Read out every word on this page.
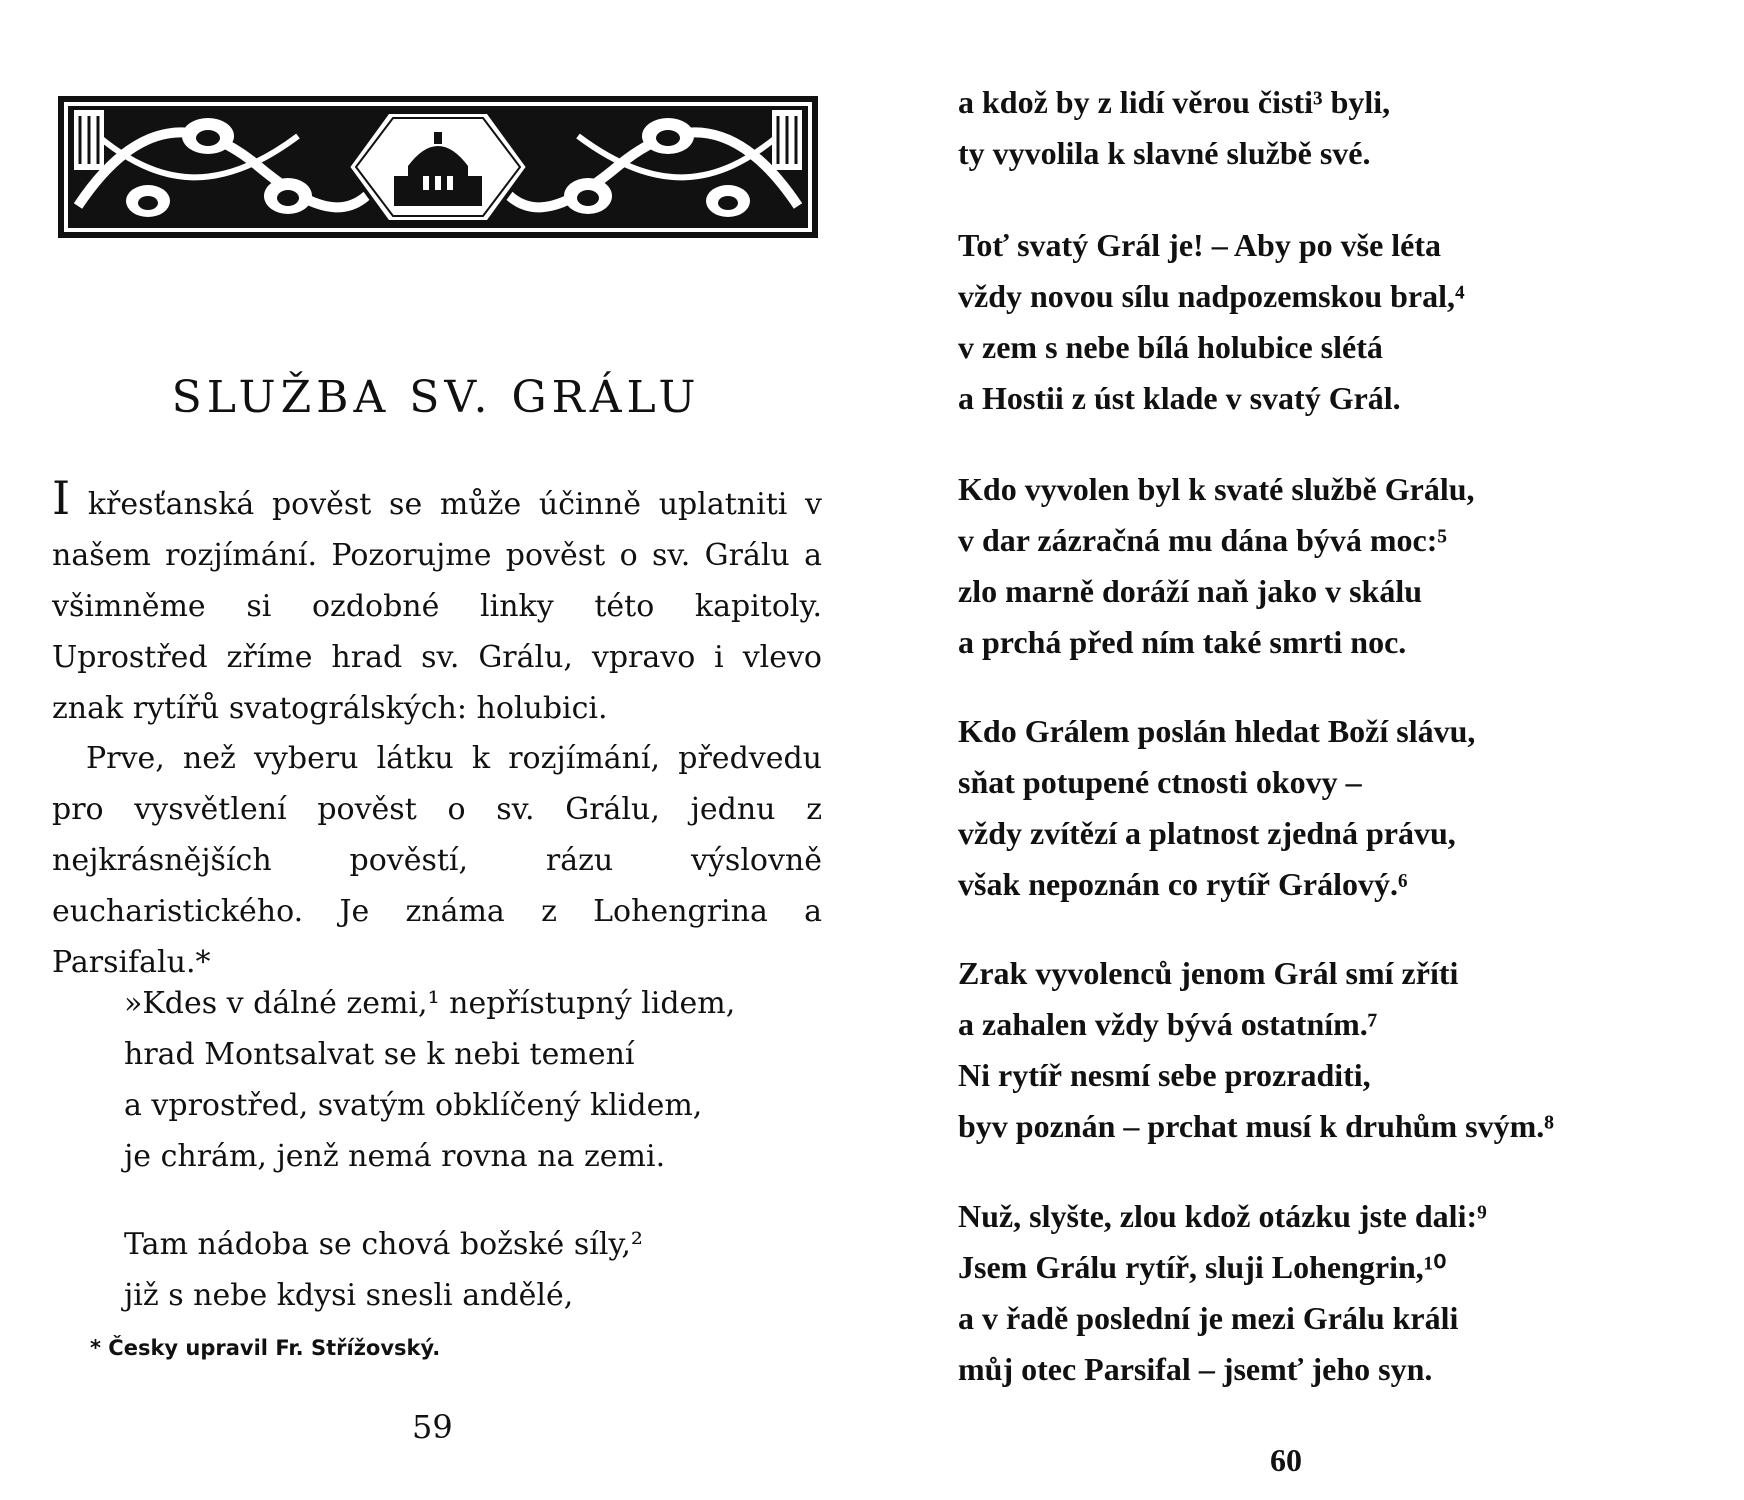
SLUŽBA SV. GRÁLU

I křesťanská pověst se může účinně uplatniti v našem rozjímání. Pozorujme pověst o sv. Grálu a všimněme si ozdobné linky této kapitoly. Uprostřed zříme hrad sv. Grálu, vpravo i vlevo znak rytířů svatográlských: holubici.

Prve, než vyberu látku k rozjímání, předvedu pro vysvětlení pověst o sv. Grálu, jednu z nejkrásnějších pověstí, rázu výslovně eucharistického. Je známa z Lohengrina a Parsifalu.*

»Kdes v dálné zemi,¹ nepřístupný lidem,
hrad Montsalvat se k nebi temení
a vprostřed, svatým obklíčený klidem,
je chrám, jenž nemá rovna na zemi.
Tam nádoba se chová božské síly,²
již s nebe kdysi snesli andělé,
* Česky upravil Fr. Střížovský.
59
a kdož by z lidí věrou čisti³ byli,
ty vyvolila k slavné službě své.
Toť svatý Grál je! – Aby po vše léta
vždy novou sílu nadpozemskou bral,⁴
v zem s nebe bílá holubice slétá
a Hostii z úst klade v svatý Grál.
Kdo vyvolen byl k svaté službě Grálu,
v dar zázračná mu dána bývá moc:⁵
zlo marně doráží naň jako v skálu
a prchá před ním také smrti noc.
Kdo Grálem poslán hledat Boží slávu,
sňat potupené ctnosti okovy –
vždy zvítězí a platnost zjedná právu,
však nepoznán co rytíř Grálový.⁶
Zrak vyvolenců jenom Grál smí zříti
a zahalen vždy bývá ostatním.⁷
Ni rytíř nesmí sebe prozraditi,
byv poznán – prchat musí k druhům svým.⁸
Nuž, slyšte, zlou kdož otázku jste dali:⁹
Jsem Grálu rytíř, sluji Lohengrin,¹⁰
a v řadě poslední je mezi Grálu králi
můj otec Parsifal – jsemť jeho syn.
60
